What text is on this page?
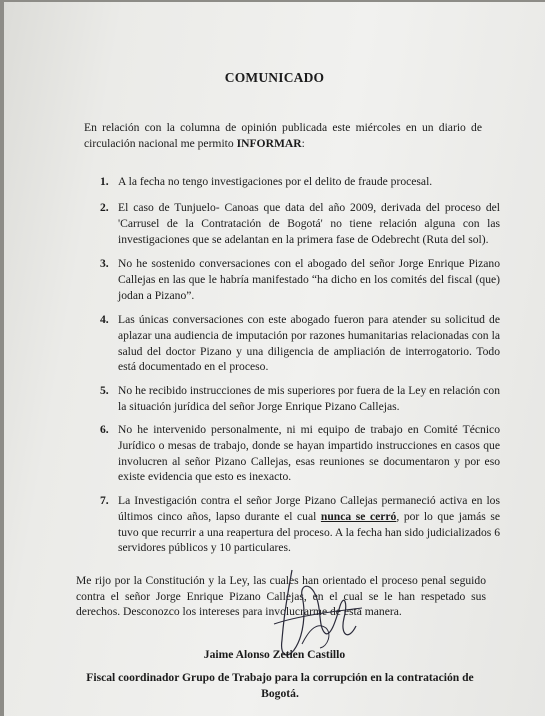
COMUNICADO
En relación con la columna de opinión publicada este miércoles en un diario de circulación nacional me permito INFORMAR:
1. A la fecha no tengo investigaciones por el delito de fraude procesal.
2. El caso de Tunjuelo- Canoas que data del año 2009, derivada del proceso del 'Carrusel de la Contratación de Bogotá' no tiene relación alguna con las investigaciones que se adelantan en la primera fase de Odebrecht (Ruta del sol).
3. No he sostenido conversaciones con el abogado del señor Jorge Enrique Pizano Callejas en las que le habría manifestado “ha dicho en los comités del fiscal (que) jodan a Pizano”.
4. Las únicas conversaciones con este abogado fueron para atender su solicitud de aplazar una audiencia de imputación por razones humanitarias relacionadas con la salud del doctor Pizano y una diligencia de ampliación de interrogatorio. Todo está documentado en el proceso.
5. No he recibido instrucciones de mis superiores por fuera de la Ley en relación con la situación jurídica del señor Jorge Enrique Pizano Callejas.
6. No he intervenido personalmente, ni mi equipo de trabajo en Comité Técnico Jurídico o mesas de trabajo, donde se hayan impartido instrucciones en casos que involucren al señor Pizano Callejas, esas reuniones se documentaron y por eso existe evidencia que esto es inexacto.
7. La Investigación contra el señor Jorge Pizano Callejas permaneció activa en los últimos cinco años, lapso durante el cual nunca se cerró, por lo que jamás se tuvo que recurrir a una reapertura del proceso. A la fecha han sido judicializados 6 servidores públicos y 10 particulares.
Me rijo por la Constitución y la Ley, las cuales han orientado el proceso penal seguido contra el señor Jorge Enrique Pizano Callejas, en el cual se le han respetado sus derechos. Desconozco los intereses para involucrarme de esta manera.
Jaime Alonso Zetien Castillo
Fiscal coordinador Grupo de Trabajo para la corrupción en la contratación de Bogotá.
